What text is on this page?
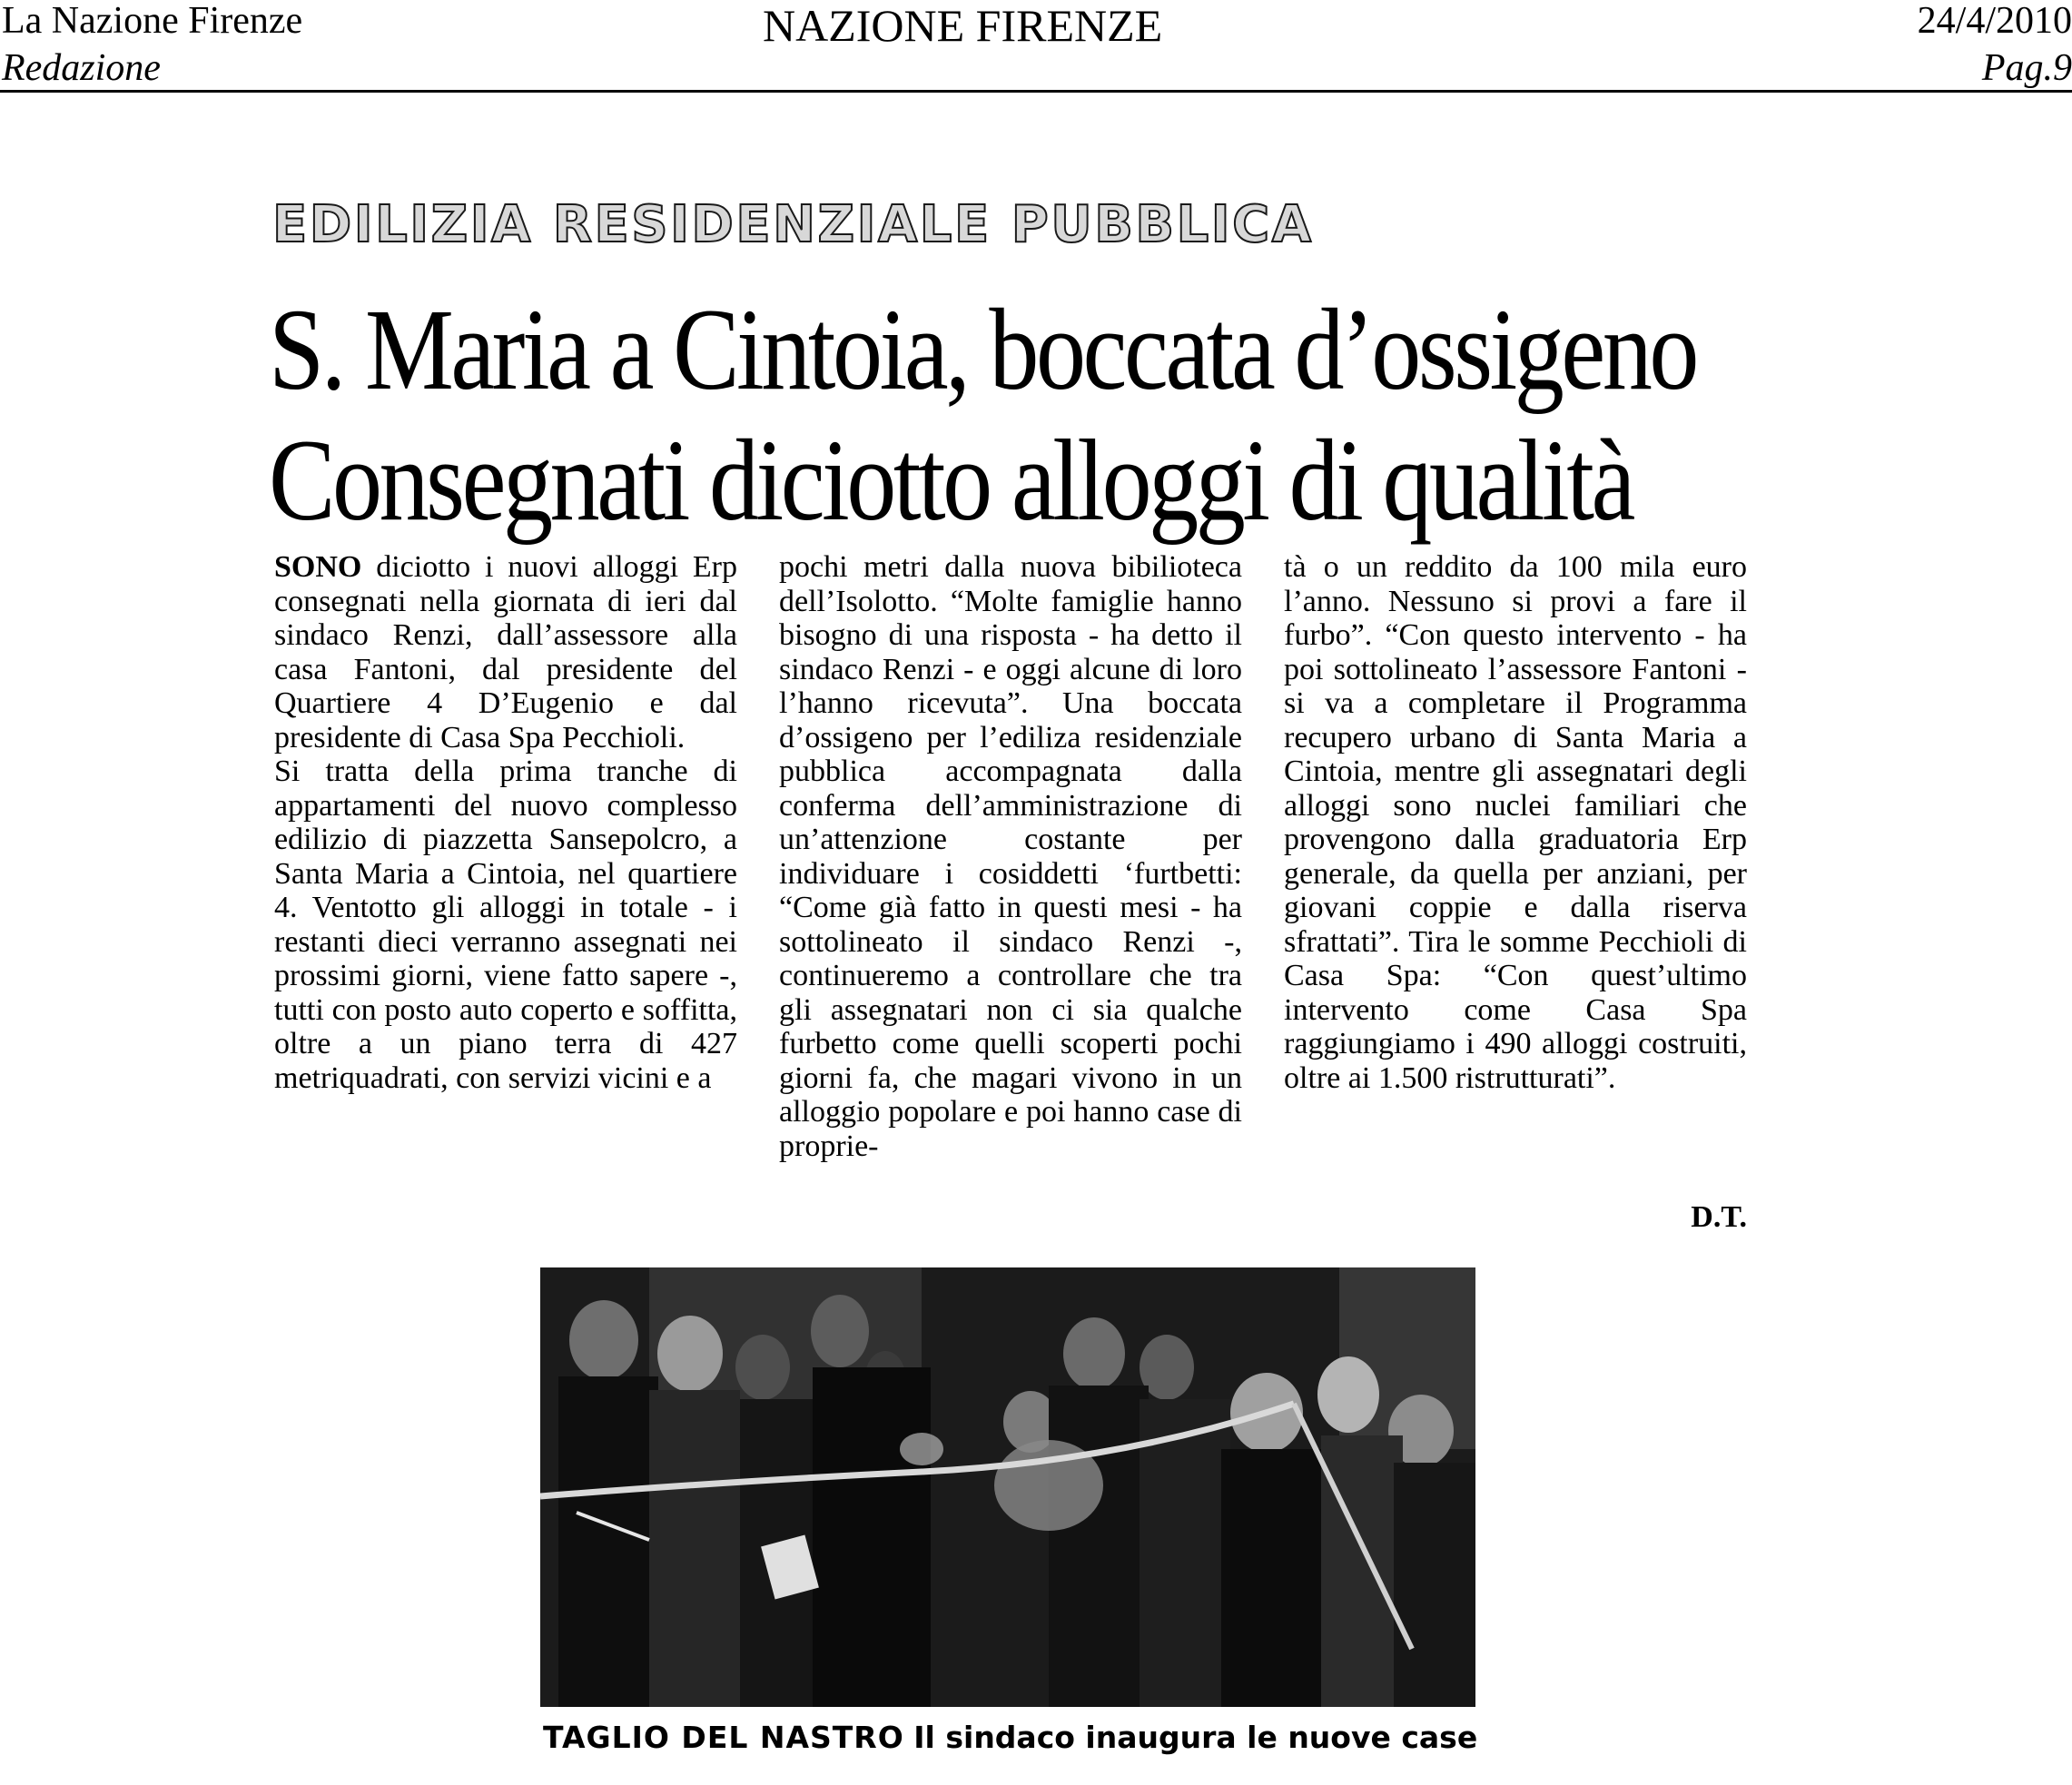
La Nazione Firenze
Redazione
NAZIONE FIRENZE	24/4/2010
Pag.9
EDILIZIA RESIDENZIALE PUBBLICA
S. Maria a Cintoia, boccata d’ossigeno
Consegnati diciotto alloggi di qualità

SONO diciotto i nuovi alloggi Erp consegnati nella giornata di ieri dal sindaco Renzi, dall’assessore alla casa Fantoni, dal presidente del Quartiere 4 D’Eugenio e dal presidente di Casa Spa Pecchioli.

Si tratta della prima tranche di appartamenti del nuovo complesso edilizio di piazzetta Sansepolcro, a Santa Maria a Cintoia, nel quartiere 4. Ventotto gli alloggi in totale - i restanti dieci verranno assegnati nei prossimi giorni, viene fatto sapere -, tutti con posto auto coperto e soffitta, oltre a un piano terra di 427 metriquadrati, con servizi vicini e a

pochi metri dalla nuova bibilioteca dell’Isolotto. “Molte famiglie hanno bisogno di una risposta - ha detto il sindaco Renzi - e oggi alcune di loro l’hanno ricevuta”. Una boccata d’ossigeno per l’ediliza residenziale pubblica accompagnata dalla conferma dell’amministrazione di un’attenzione costante per individuare i cosiddetti ‘furtbetti: “Come già fatto in questi mesi - ha sottolineato il sindaco Renzi -, continueremo a controllare che tra gli assegnatari non ci sia qualche furbetto come quelli scoperti pochi giorni fa, che magari vivono in un alloggio popolare e poi hanno case di proprie-

tà o un reddito da 100 mila euro l’anno. Nessuno si provi a fare il furbo”. “Con questo intervento - ha poi sottolineato l’assessore Fantoni - si va a completare il Programma recupero urbano di Santa Maria a Cintoia, mentre gli assegnatari degli alloggi sono nuclei familiari che provengono dalla graduatoria Erp generale, da quella per anziani, per giovani coppie e dalla riserva sfrattati”. Tira le somme Pecchioli di Casa Spa: “Con quest’ultimo intervento come Casa Spa raggiungiamo i 490 alloggi costruiti, oltre ai 1.500 ristrutturati”.

D.T.
TAGLIO DEL NASTRO Il sindaco inaugura le nuove case
